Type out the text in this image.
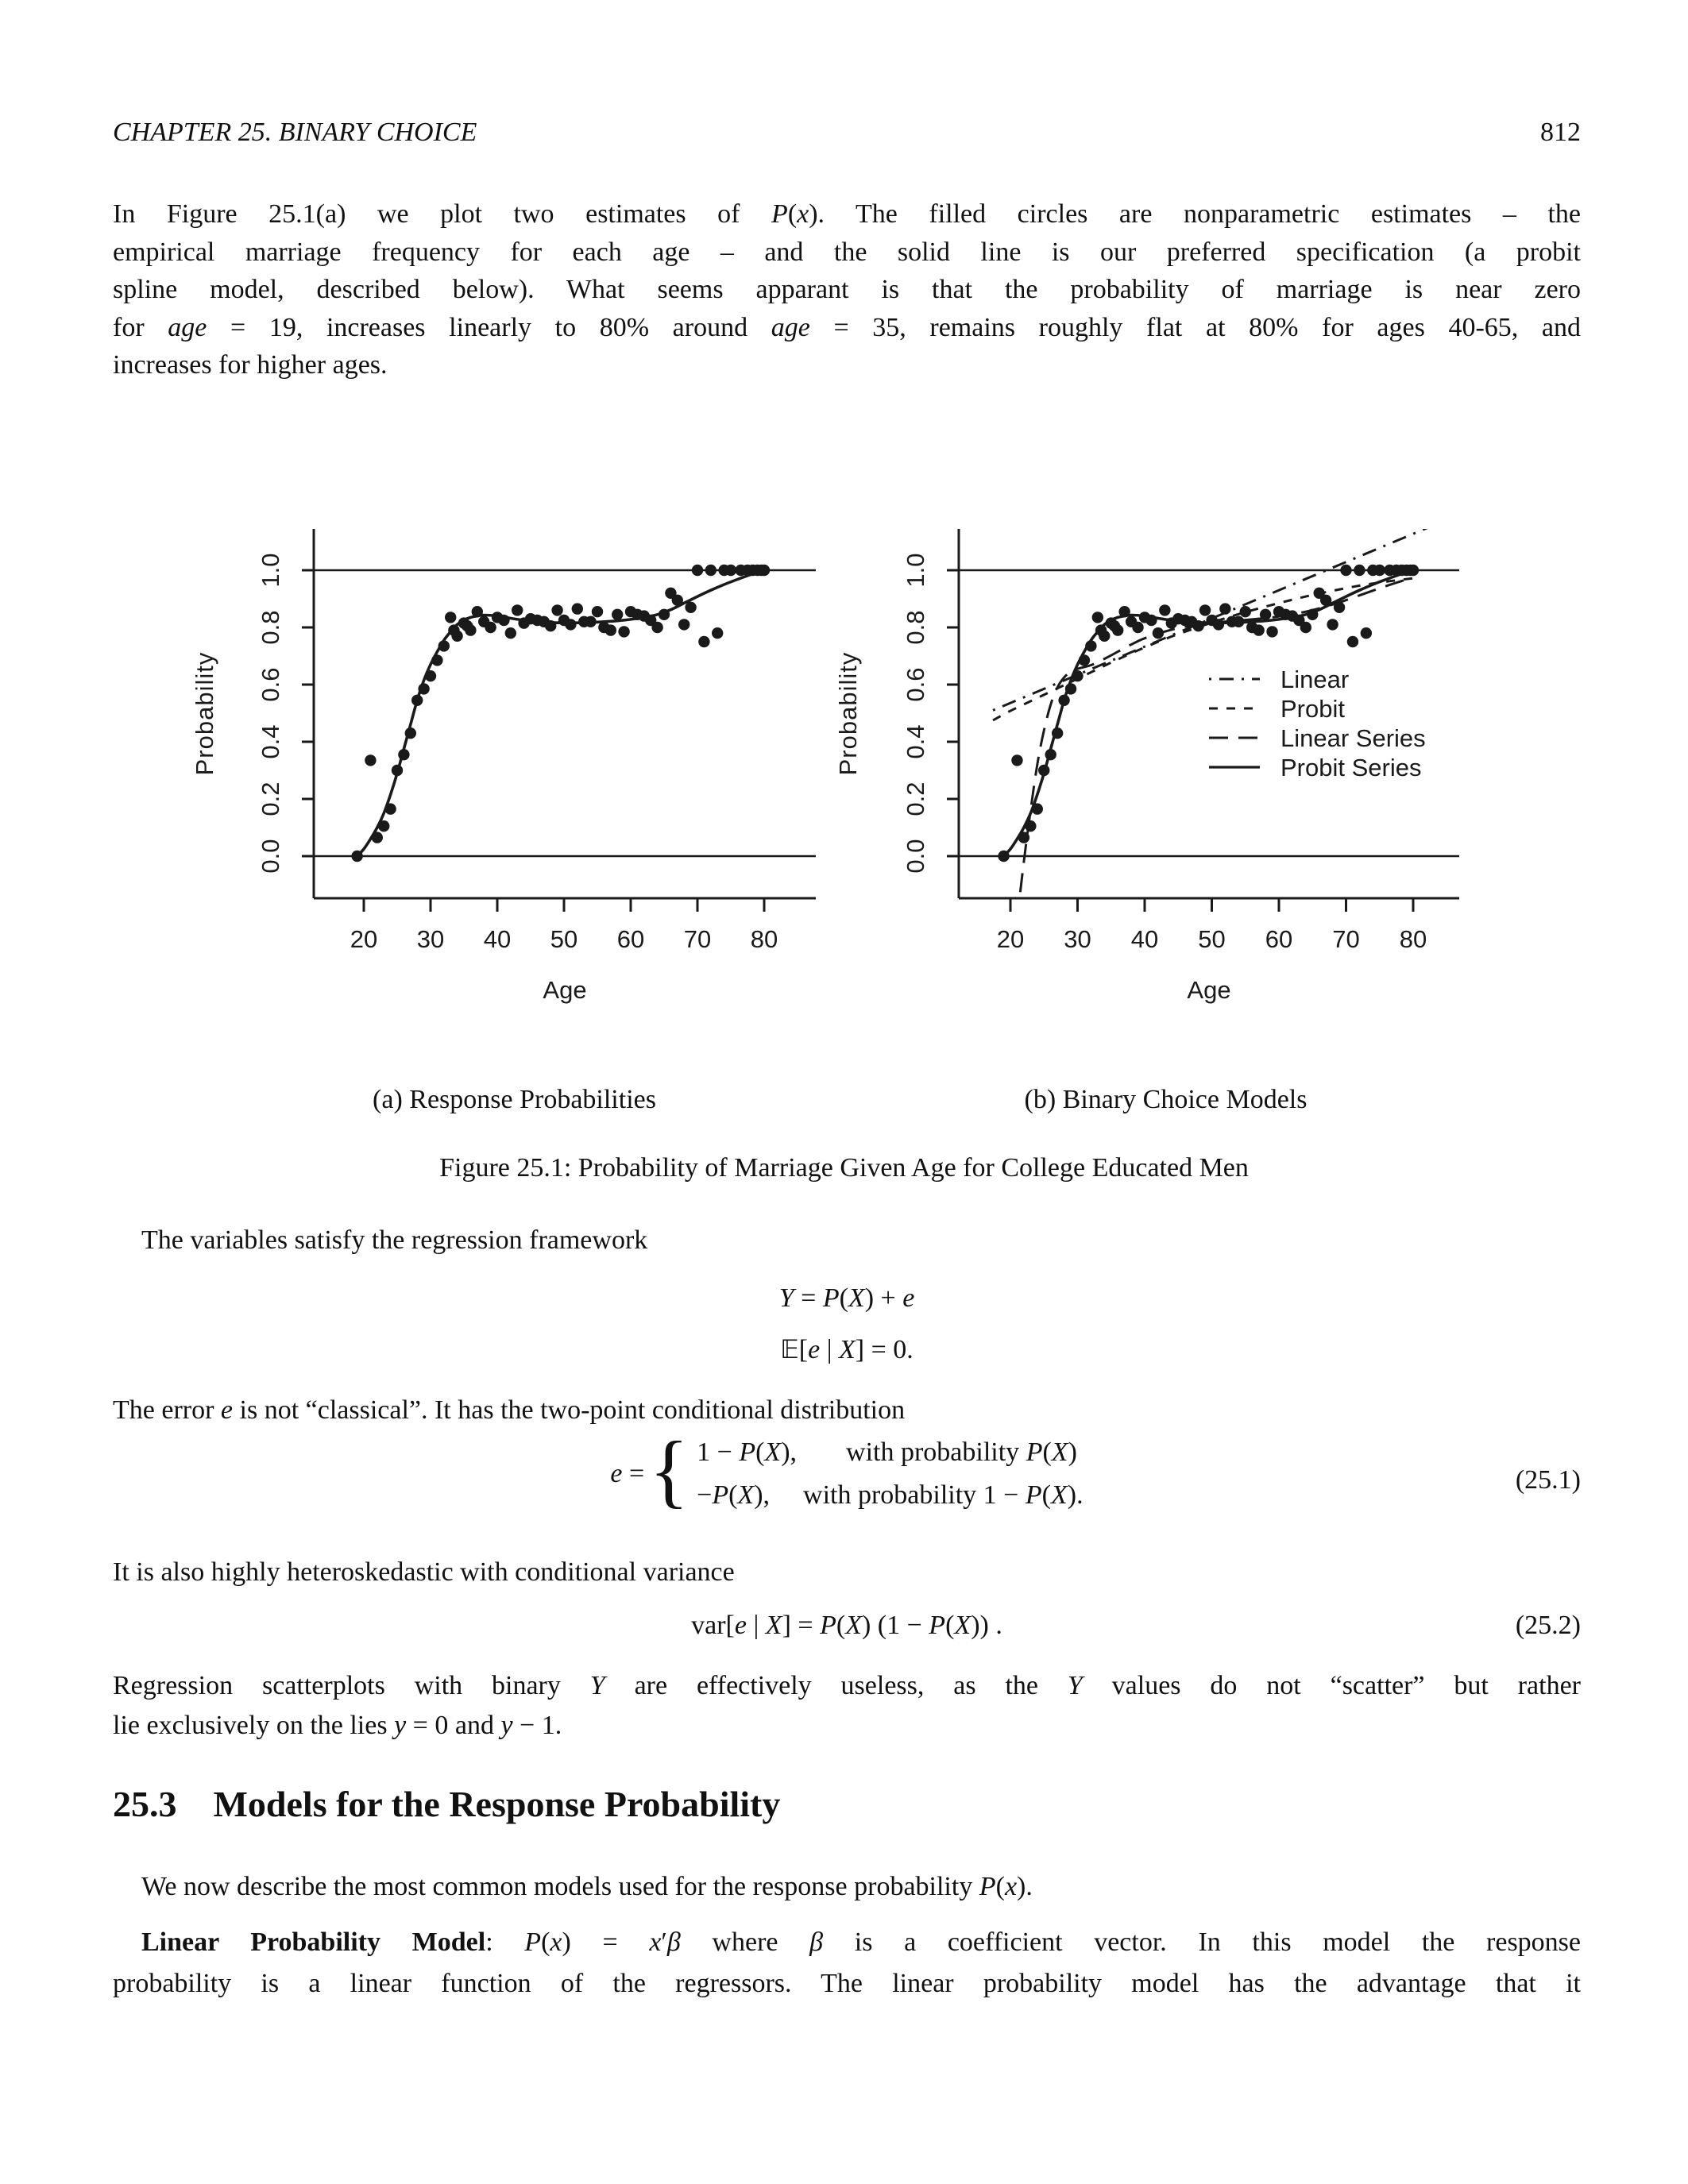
CHAPTER 25. BINARY CHOICE	812
In Figure 25.1(a) we plot two estimates of P(x). The filled circles are nonparametric estimates – the
empirical marriage frequency for each age – and the solid line is our preferred specification (a probit
spline model, described below). What seems apparant is that the probability of marriage is near zero
for age = 19, increases linearly to 80% around age = 35, remains roughly flat at 80% for ages 40-65, and
increases for higher ages.
0.0
0.2
0.4
0.6
0.8
1.0
20 30 40 50 60 70 80
Probability
Age
0.0
0.2
0.4
0.6
0.8
1.0
20 30 40 50 60 70 80
Probability
Age
Linear
Probit
Linear Series
Probit Series
(a) Response Probabilities	(b) Binary Choice Models
Figure 25.1: Probability of Marriage Given Age for College Educated Men
The variables satisfy the regression framework
Y = P(X) + e
𝔼[e | X] = 0.
The error e is not “classical”. It has the two-point conditional distribution
e = { 1 − P(X), with probability P(X)
−P(X), with probability 1 − P(X).
(25.1)
It is also highly heteroskedastic with conditional variance
var[e | X] = P(X) (1 − P(X)) .	(25.2)
Regression scatterplots with binary Y are effectively useless, as the Y values do not “scatter” but rather
lie exclusively on the lies y = 0 and y − 1.
25.3 Models for the Response Probability
We now describe the most common models used for the response probability P(x).
Linear Probability Model: P(x) = x′β where β is a coefficient vector. In this model the response
probability is a linear function of the regressors. The linear probability model has the advantage that it
